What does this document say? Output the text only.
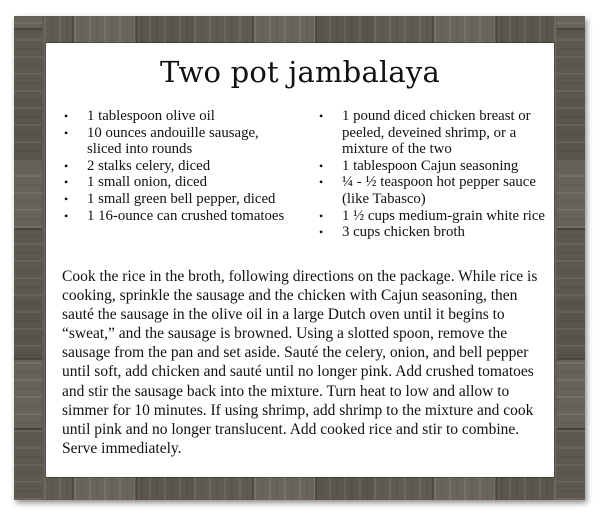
Two pot jambalaya
• 1 tablespoon olive oil
• 10 ounces andouille sausage, sliced into rounds
• 2 stalks celery, diced
• 1 small onion, diced
• 1 small green bell pepper, diced
• 1 16-ounce can crushed tomatoes
• 1 pound diced chicken breast or peeled, deveined shrimp, or a mixture of the two
• 1 tablespoon Cajun seasoning
• ¼ - ½ teaspoon hot pepper sauce (like Tabasco)
• 1 ½ cups medium-grain white rice
• 3 cups chicken broth

Cook the rice in the broth, following directions on the package. While rice is cooking, sprinkle the sausage and the chicken with Cajun seasoning, then sauté the sausage in the olive oil in a large Dutch oven until it begins to “sweat,” and the sausage is browned. Using a slotted spoon, remove the sausage from the pan and set aside. Sauté the celery, onion, and bell pepper until soft, add chicken and sauté until no longer pink. Add crushed tomatoes and stir the sausage back into the mixture. Turn heat to low and allow to simmer for 10 minutes. If using shrimp, add shrimp to the mixture and cook until pink and no longer translucent. Add cooked rice and stir to combine. Serve immediately.
